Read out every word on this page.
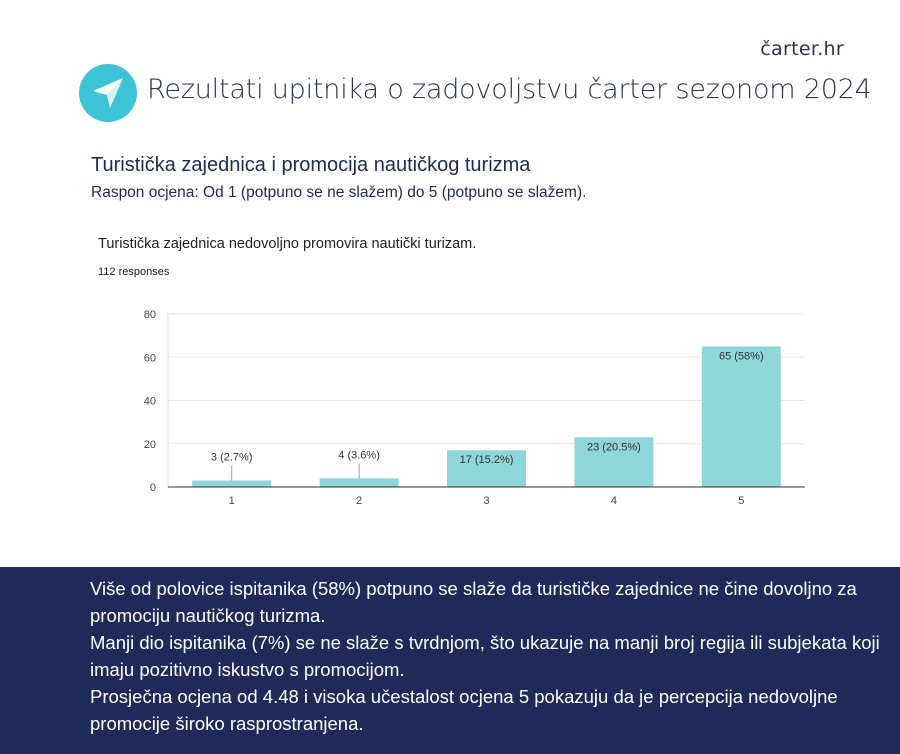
čarter.hr
Rezultati upitnika o zadovoljstvu čarter sezonom 2024
Turistička zajednica i promocija nautičkog turizma
Raspon ocjena: Od 1 (potpuno se ne slažem) do 5 (potpuno se slažem).
Turistička zajednica nedovoljno promovira nautički turizam.
112 responses
0
20
40
60
80
3 (2.7%)
1
4 (3.6%)
2
17 (15.2%)
3
23 (20.5%)
4
65 (58%)
5

Više od polovice ispitanika (58%) potpuno se slaže da turističke zajednice ne čine dovoljno za promociju nautičkog turizma.

Manji dio ispitanika (7%) se ne slaže s tvrdnjom, što ukazuje na manji broj regija ili subjekata koji imaju pozitivno iskustvo s promocijom.

Prosječna ocjena od 4.48 i visoka učestalost ocjena 5 pokazuju da je percepcija nedovoljne promocije široko rasprostranjena.
